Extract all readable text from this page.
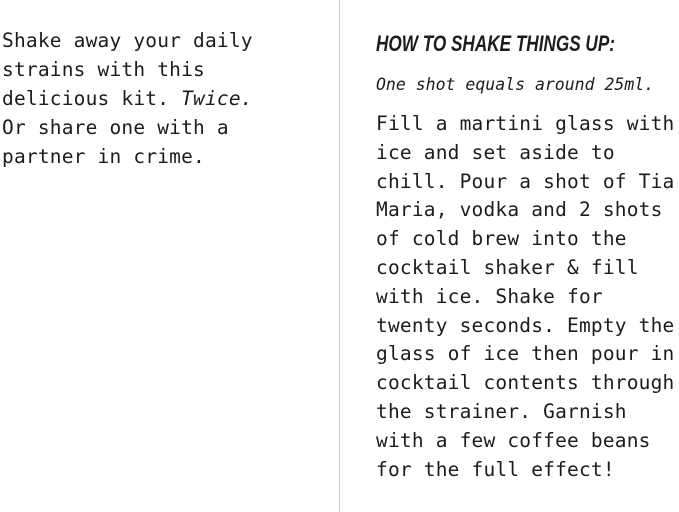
Shake away your daily
strains with this
delicious kit. Twice.
Or share one with a
partner in crime.

HOW TO SHAKE THINGS UP:

One shot equals around 25ml.

Fill a martini glass with
ice and set aside to
chill. Pour a shot of Tia
Maria, vodka and 2 shots
of cold brew into the
cocktail shaker & fill
with ice. Shake for
twenty seconds. Empty the
glass of ice then pour in
cocktail contents through
the strainer. Garnish
with a few coffee beans
for the full effect!
